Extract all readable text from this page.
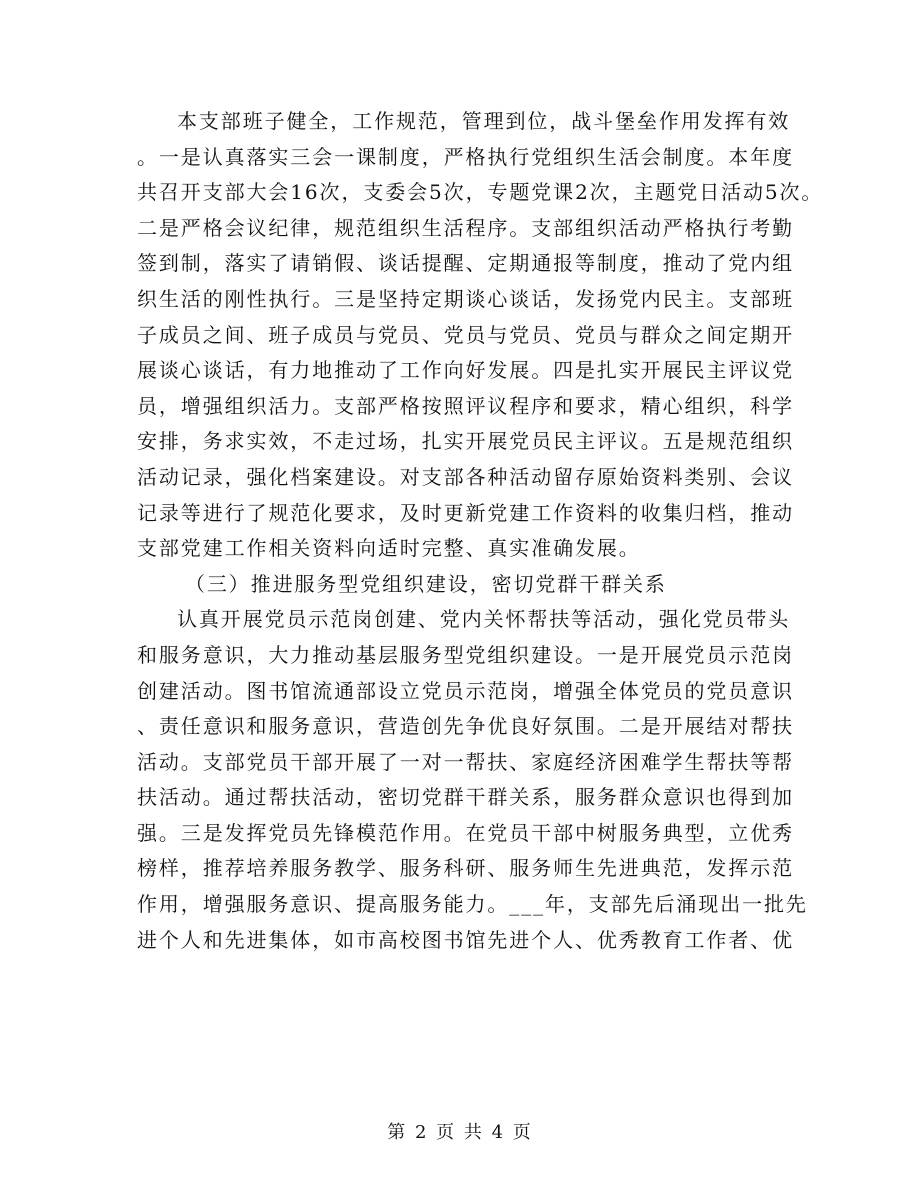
本支部班子健全，工作规范，管理到位，战斗堡垒作用发挥有效
。一是认真落实三会一课制度，严格执行党组织生活会制度。本年度
共召开支部大会16次，支委会5次，专题党课2次，主题党日活动5次。
二是严格会议纪律，规范组织生活程序。支部组织活动严格执行考勤
签到制，落实了请销假、谈话提醒、定期通报等制度，推动了党内组
织生活的刚性执行。三是坚持定期谈心谈话，发扬党内民主。支部班
子成员之间、班子成员与党员、党员与党员、党员与群众之间定期开
展谈心谈话，有力地推动了工作向好发展。四是扎实开展民主评议党
员，增强组织活力。支部严格按照评议程序和要求，精心组织，科学
安排，务求实效，不走过场，扎实开展党员民主评议。五是规范组织
活动记录，强化档案建设。对支部各种活动留存原始资料类别、会议
记录等进行了规范化要求，及时更新党建工作资料的收集归档，推动
支部党建工作相关资料向适时完整、真实准确发展。
（三）推进服务型党组织建设，密切党群干群关系
认真开展党员示范岗创建、党内关怀帮扶等活动，强化党员带头
和服务意识，大力推动基层服务型党组织建设。一是开展党员示范岗
创建活动。图书馆流通部设立党员示范岗，增强全体党员的党员意识
、责任意识和服务意识，营造创先争优良好氛围。二是开展结对帮扶
活动。支部党员干部开展了一对一帮扶、家庭经济困难学生帮扶等帮
扶活动。通过帮扶活动，密切党群干群关系，服务群众意识也得到加
强。三是发挥党员先锋模范作用。在党员干部中树服务典型，立优秀
榜样，推荐培养服务教学、服务科研、服务师生先进典范，发挥示范
作用，增强服务意识、提高服务能力。___年，支部先后涌现出一批先
进个人和先进集体，如市高校图书馆先进个人、优秀教育工作者、优
第 2 页 共 4 页
